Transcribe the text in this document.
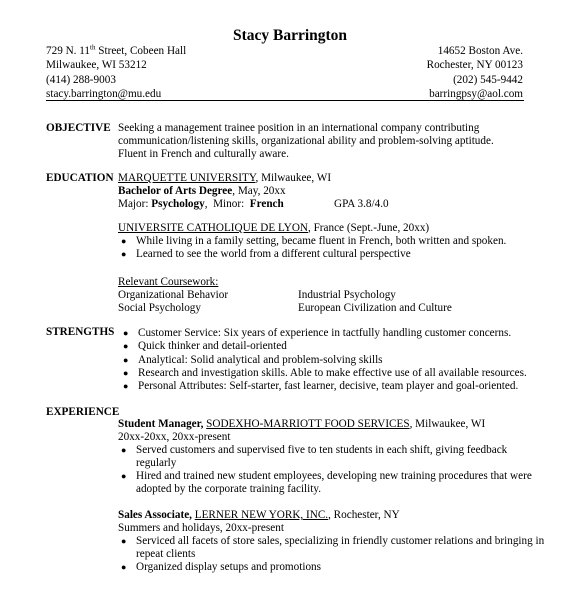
Stacy Barrington
729 N. 11th Street, Cobeen Hall
Milwaukee, WI 53212
(414) 288-9003
stacy.barrington@mu.edu
14652 Boston Ave.
Rochester, NY 00123
(202) 545-9442
barringpsy@aol.com
OBJECTIVE Seeking a management trainee position in an international company contributing
communication/listening skills, organizational ability and problem-solving aptitude.
Fluent in French and culturally aware.
EDUCATION MARQUETTE UNIVERSITY, Milwaukee, WI
Bachelor of Arts Degree, May, 20xx
Major: Psychology,  Minor:  French	GPA 3.8/4.0
UNIVERSITE CATHOLIQUE DE LYON, France (Sept.-June, 20xx)
● While living in a family setting, became fluent in French, both written and spoken.
● Learned to see the world from a different cultural perspective
Relevant Coursework:
Organizational Behavior	Industrial Psychology
Social Psychology	European Civilization and Culture
STRENGTHS ● Customer Service: Six years of experience in tactfully handling customer concerns.
● Quick thinker and detail-oriented
● Analytical: Solid analytical and problem-solving skills
● Research and investigation skills. Able to make effective use of all available resources.
● Personal Attributes: Self-starter, fast learner, decisive, team player and goal-oriented.
EXPERIENCE
Student Manager, SODEXHO-MARRIOTT FOOD SERVICES, Milwaukee, WI
20xx-20xx, 20xx-present
● Served customers and supervised five to ten students in each shift, giving feedback
regularly
● Hired and trained new student employees, developing new training procedures that were
adopted by the corporate training facility.
Sales Associate, LERNER NEW YORK, INC., Rochester, NY
Summers and holidays, 20xx-present
● Serviced all facets of store sales, specializing in friendly customer relations and bringing in
repeat clients
● Organized display setups and promotions
